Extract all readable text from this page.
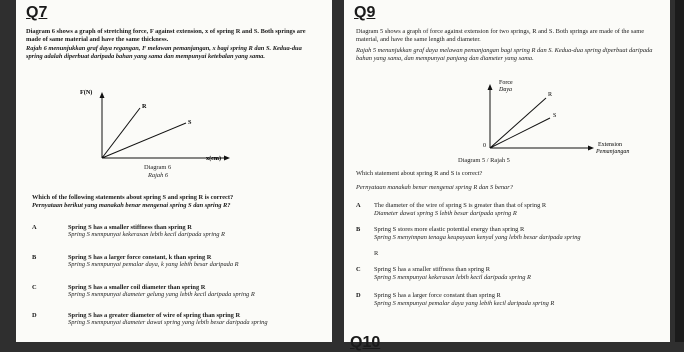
Q7
Diagram 6 shows a graph of stretching force, F against extension, x of spring R and S. Both springs are made of same material and have the same thickness.
Rajah 6 menunjukkan graf daya regangan, F melawan pemanjangan, x bagi spring R dan S. Kedua-dua spring adalah diperbuat daripada bahan yang sama dan mempunyai ketebalan yang sama.
F(N)
R
S
x(cm)
Diagram 6
Rajah 6
Which of the following statements about spring S and spring R is correct?
Pernyataan berikut yang manakah benar mengenai spring S dan spring R?
A	Spring S has a smaller stiffness than spring R
Spring S mempunyai kekerasan lebih kecil daripada spring R
B	Spring S has a larger force constant, k than spring R
Spring S mempunyai pemalar daya, k yang lebih besar daripada R
C	Spring S has a smaller coil diameter than spring R
Spring S mempunyai diameter gelung yang lebih kecil daripada spring R
D	Spring S has a greater diameter of wire of spring than spring R
Spring S mempunyai diameter dawai spring yang lebih besar daripada spring
Q9
Diagram 5 shows a graph of force against extension for two springs, R and S. Both springs are made of the same material, and have the same length and diameter.
Rajah 5 menunjukkan graf daya melawan pemanjangan bagi spring R dan S. Kedua-dua spring diperbuat daripada bahan yang sama, dan mempunyai panjang dan diameter yang sama.
Force
Daya
R
S
0	Extension
Pemanjangan
Diagram 5 / Rajah 5
Which statement about spring R and S is correct?
Pernyataan manakah benar mengenai spring R dan S benar?
A The diameter of the wire of spring S is greater than that of spring R
Diameter dawai spring S lebih besar daripada spring R
B Spring S stores more elastic potential energy than spring R
Spring S menyimpan tenaga keupayaan kenyal yang lebih besar daripada spring
R
C Spring S has a smaller stiffness than spring R
Spring S mempunyai kekerasan lebih kecil daripada spring R
D Spring S has a larger force constant than spring R
Spring S mempunyai pemalar daya yang lebih kecil daripada spring R
Q10
